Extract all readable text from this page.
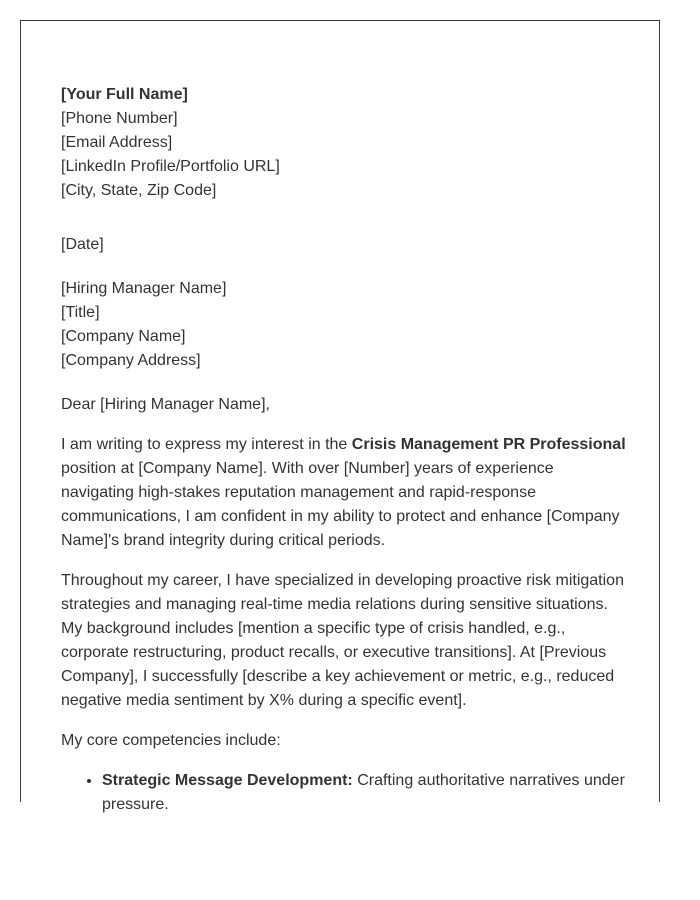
[Your Full Name]
[Phone Number]
[Email Address]
[LinkedIn Profile/Portfolio URL]
[City, State, Zip Code]
[Date]
[Hiring Manager Name]
[Title]
[Company Name]
[Company Address]

Dear [Hiring Manager Name],

I am writing to express my interest in the Crisis Management PR Professional position at [Company Name]. With over [Number] years of experience navigating high-stakes reputation management and rapid-response communications, I am confident in my ability to protect and enhance [Company Name]'s brand integrity during critical periods.

Throughout my career, I have specialized in developing proactive risk mitigation strategies and managing real-time media relations during sensitive situations. My background includes [mention a specific type of crisis handled, e.g., corporate restructuring, product recalls, or executive transitions]. At [Previous Company], I successfully [describe a key achievement or metric, e.g., reduced negative media sentiment by X% during a specific event].

My core competencies include:

• Strategic Message Development: Crafting authoritative narratives under pressure.
